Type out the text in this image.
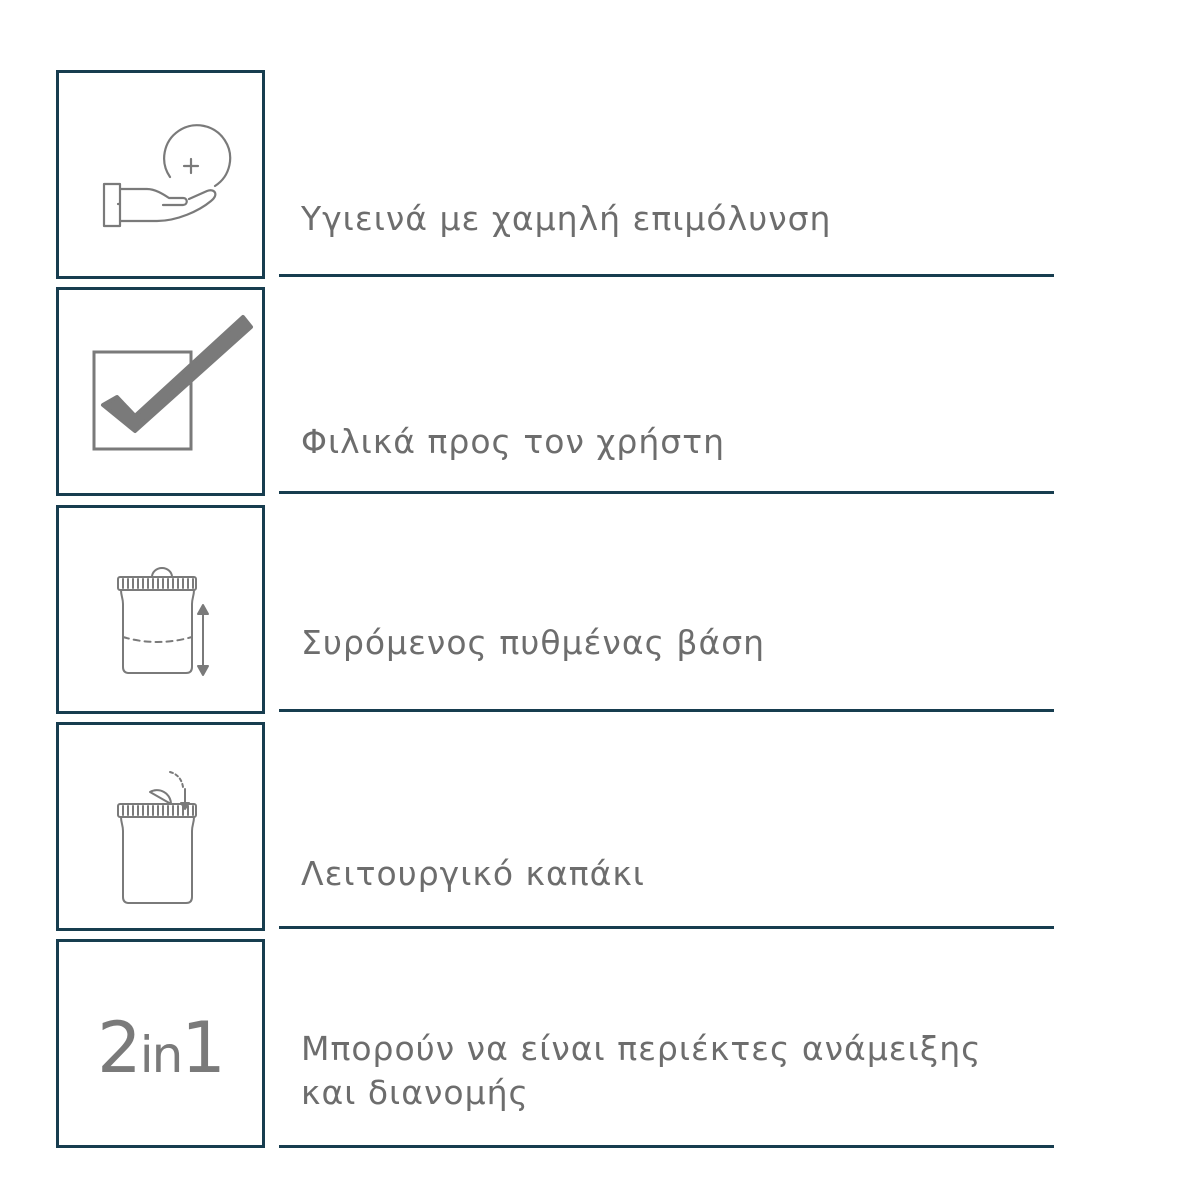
Υγιεινά με χαμηλή επιμόλυνση
Φιλικά προς τον χρήστη
Συρόμενος πυθμένας βάση
Λειτουργικό καπάκι
2in1	Μπορούν να είναι περιέκτες ανάμειξης
και διανομής
